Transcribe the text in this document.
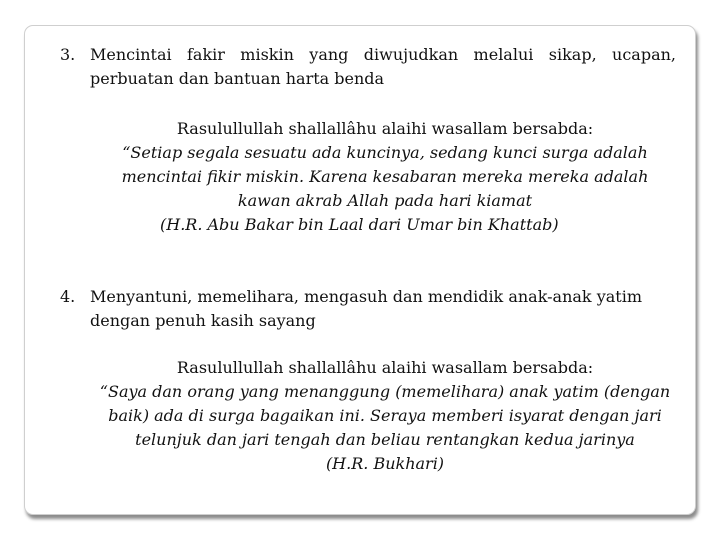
3. Mencintai fakir miskin yang diwujudkan melalui sikap, ucapan,
perbuatan dan bantuan harta benda
Rasulullullah shallallâhu alaihi wasallam bersabda:
“Setiap segala sesuatu ada kuncinya, sedang kunci surga adalah
mencintai fikir miskin. Karena kesabaran mereka mereka adalah
kawan akrab Allah pada hari kiamat
(H.R. Abu Bakar bin Laal dari Umar bin Khattab)
4. Menyantuni, memelihara, mengasuh dan mendidik anak-anak yatim
dengan penuh kasih sayang
Rasulullullah shallallâhu alaihi wasallam bersabda:
“Saya dan orang yang menanggung (memelihara) anak yatim (dengan
baik) ada di surga bagaikan ini. Seraya memberi isyarat dengan jari
telunjuk dan jari tengah dan beliau rentangkan kedua jarinya
(H.R. Bukhari)
